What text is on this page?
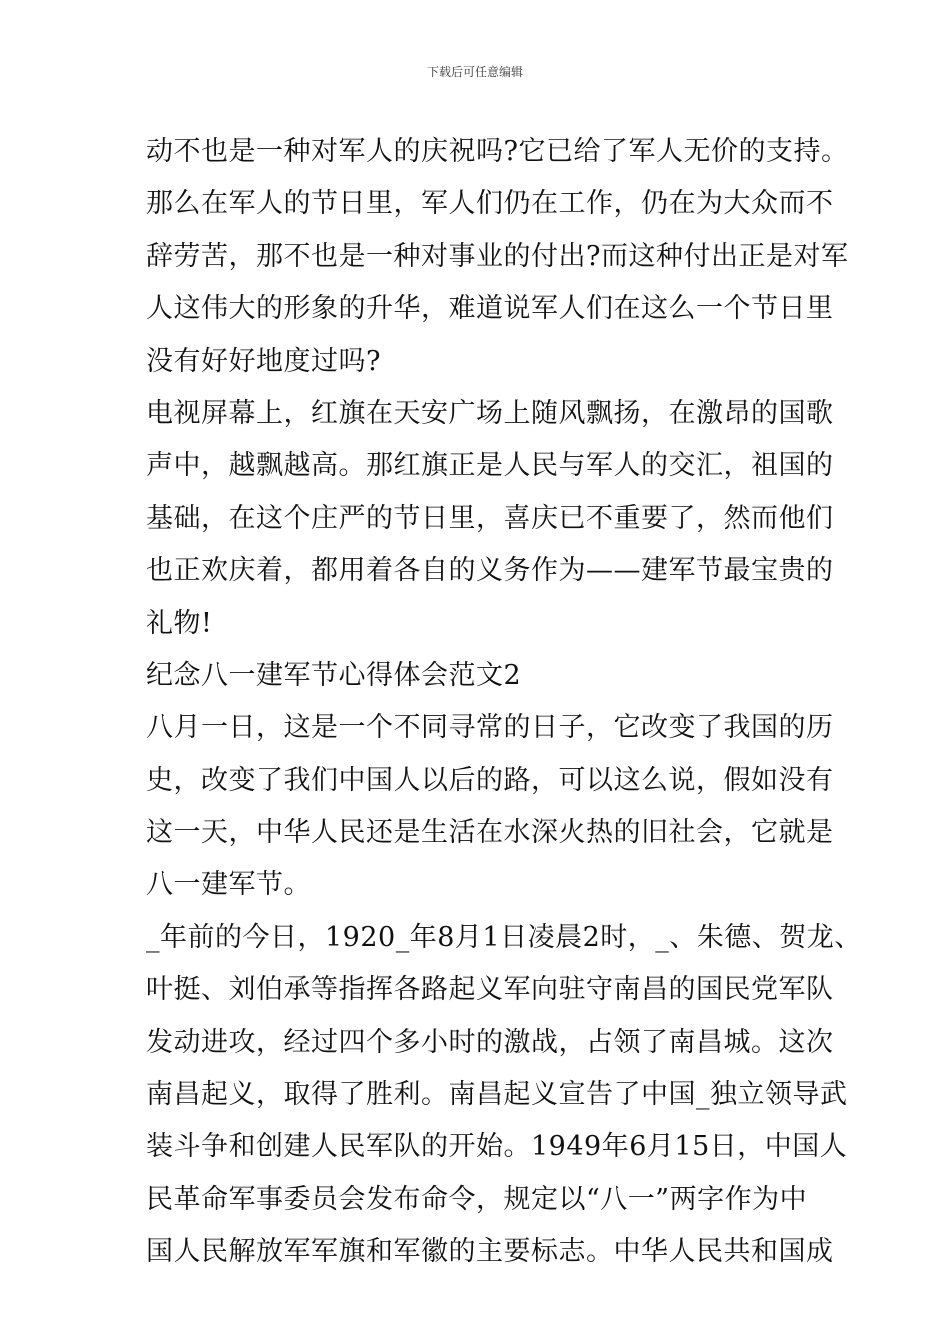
下载后可任意编辑
动不也是一种对军人的庆祝吗?它已给了军人无价的支持。
那么在军人的节日里，军人们仍在工作，仍在为大众而不
辞劳苦，那不也是一种对事业的付出?而这种付出正是对军
人这伟大的形象的升华，难道说军人们在这么一个节日里
没有好好地度过吗?
电视屏幕上，红旗在天安广场上随风飘扬，在激昂的国歌
声中，越飘越高。那红旗正是人民与军人的交汇，祖国的
基础，在这个庄严的节日里，喜庆已不重要了，然而他们
也正欢庆着，都用着各自的义务作为——建军节最宝贵的
礼物!
纪念八一建军节心得体会范文2
八月一日，这是一个不同寻常的日子，它改变了我国的历
史，改变了我们中国人以后的路，可以这么说，假如没有
这一天，中华人民还是生活在水深火热的旧社会，它就是
八一建军节。
_年前的今日，1920_年8月1日凌晨2时，_、朱德、贺龙、
叶挺、刘伯承等指挥各路起义军向驻守南昌的国民党军队
发动进攻，经过四个多小时的激战，占领了南昌城。这次
南昌起义，取得了胜利。南昌起义宣告了中国_独立领导武
装斗争和创建人民军队的开始。1949年6月15日，中国人
民革命军事委员会发布命令，规定以“八一”两字作为中
国人民解放军军旗和军徽的主要标志。中华人民共和国成
